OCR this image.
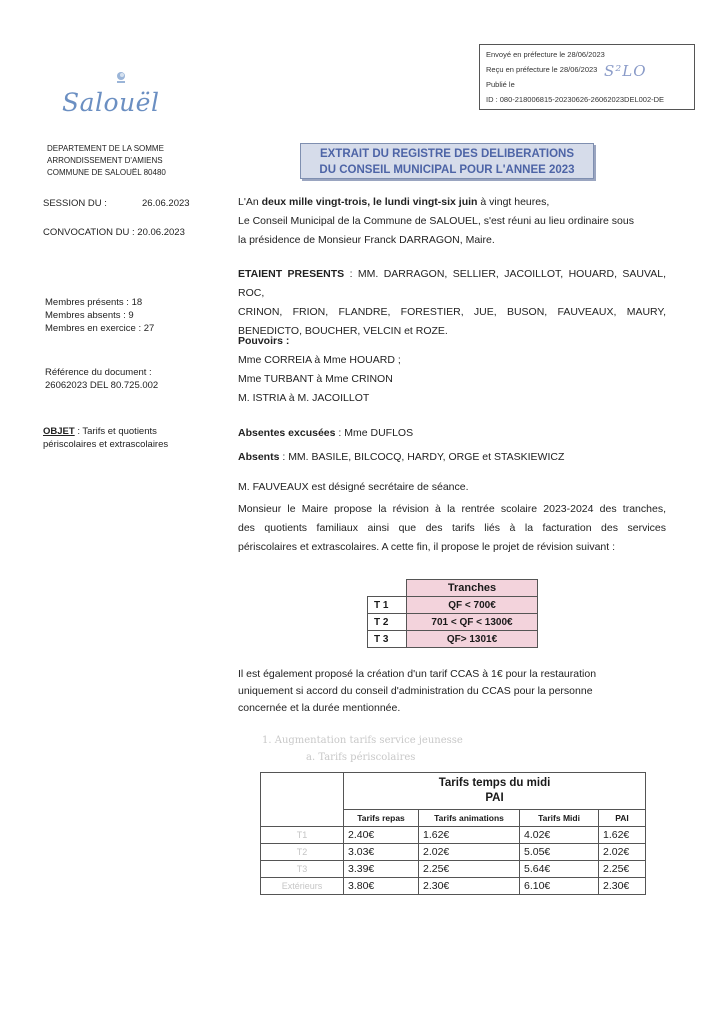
Envoyé en préfecture le 28/06/2023
Reçu en préfecture le 28/06/2023
Publié le
ID : 080-218006815-20230626-26062023DEL002-DE
S²LO
Salouël
DEPARTEMENT DE LA SOMME
ARRONDISSEMENT D'AMIENS
COMMUNE DE SALOUËL 80480
EXTRAIT DU REGISTRE DES DELIBERATIONS
DU CONSEIL MUNICIPAL POUR L'ANNEE 2023
SESSION DU :	26.06.2023
CONVOCATION DU : 20.06.2023
Membres présents : 18
Membres absents : 9
Membres en exercice : 27
Référence du document :
26062023 DEL 80.725.002
OBJET : Tarifs et quotients
périscolaires et extrascolaires
L'An deux mille vingt-trois, le lundi vingt-six juin à vingt heures,
Le Conseil Municipal de la Commune de SALOUEL, s'est réuni au lieu ordinaire sous
la présidence de Monsieur Franck DARRAGON, Maire.
ETAIENT PRESENTS : MM. DARRAGON, SELLIER, JACOILLOT, HOUARD, SAUVAL, ROC,
CRINON, FRION, FLANDRE, FORESTIER, JUE, BUSON, FAUVEAUX, MAURY,
BENEDICTO, BOUCHER, VELCIN et ROZE.
Pouvoirs :
Mme CORREIA à Mme HOUARD ;
Mme TURBANT à Mme CRINON
M. ISTRIA à M. JACOILLOT
Absentes excusées : Mme DUFLOS
Absents : MM. BASILE, BILCOCQ, HARDY, ORGE et STASKIEWICZ
M. FAUVEAUX est désigné secrétaire de séance.
Monsieur le Maire propose la révision à la rentrée scolaire 2023-2024 des tranches,
des quotients familiaux ainsi que des tarifs liés à la facturation des services
périscolaires et extrascolaires. A cette fin, il propose le projet de révision suivant :
	Tranches
T 1	QF < 700€
T 2	701 < QF < 1300€
T 3	QF> 1301€
Il est également proposé la création d'un tarif CCAS à 1€ pour la restauration
uniquement si accord du conseil d'administration du CCAS pour la personne
concernée et la durée mentionnée.
1. Augmentation tarifs service jeunesse
a. Tarifs périscolaires

	Tarifs temps du midi
PAI			

	Tarifs repas	Tarifs animations	Tarifs Midi	PAI
T1	2.40€	1.62€	4.02€	1.62€
T2	3.03€	2.02€	5.05€	2.02€
T3	3.39€	2.25€	5.64€	2.25€
Extérieurs	3.80€	2.30€	6.10€	2.30€
